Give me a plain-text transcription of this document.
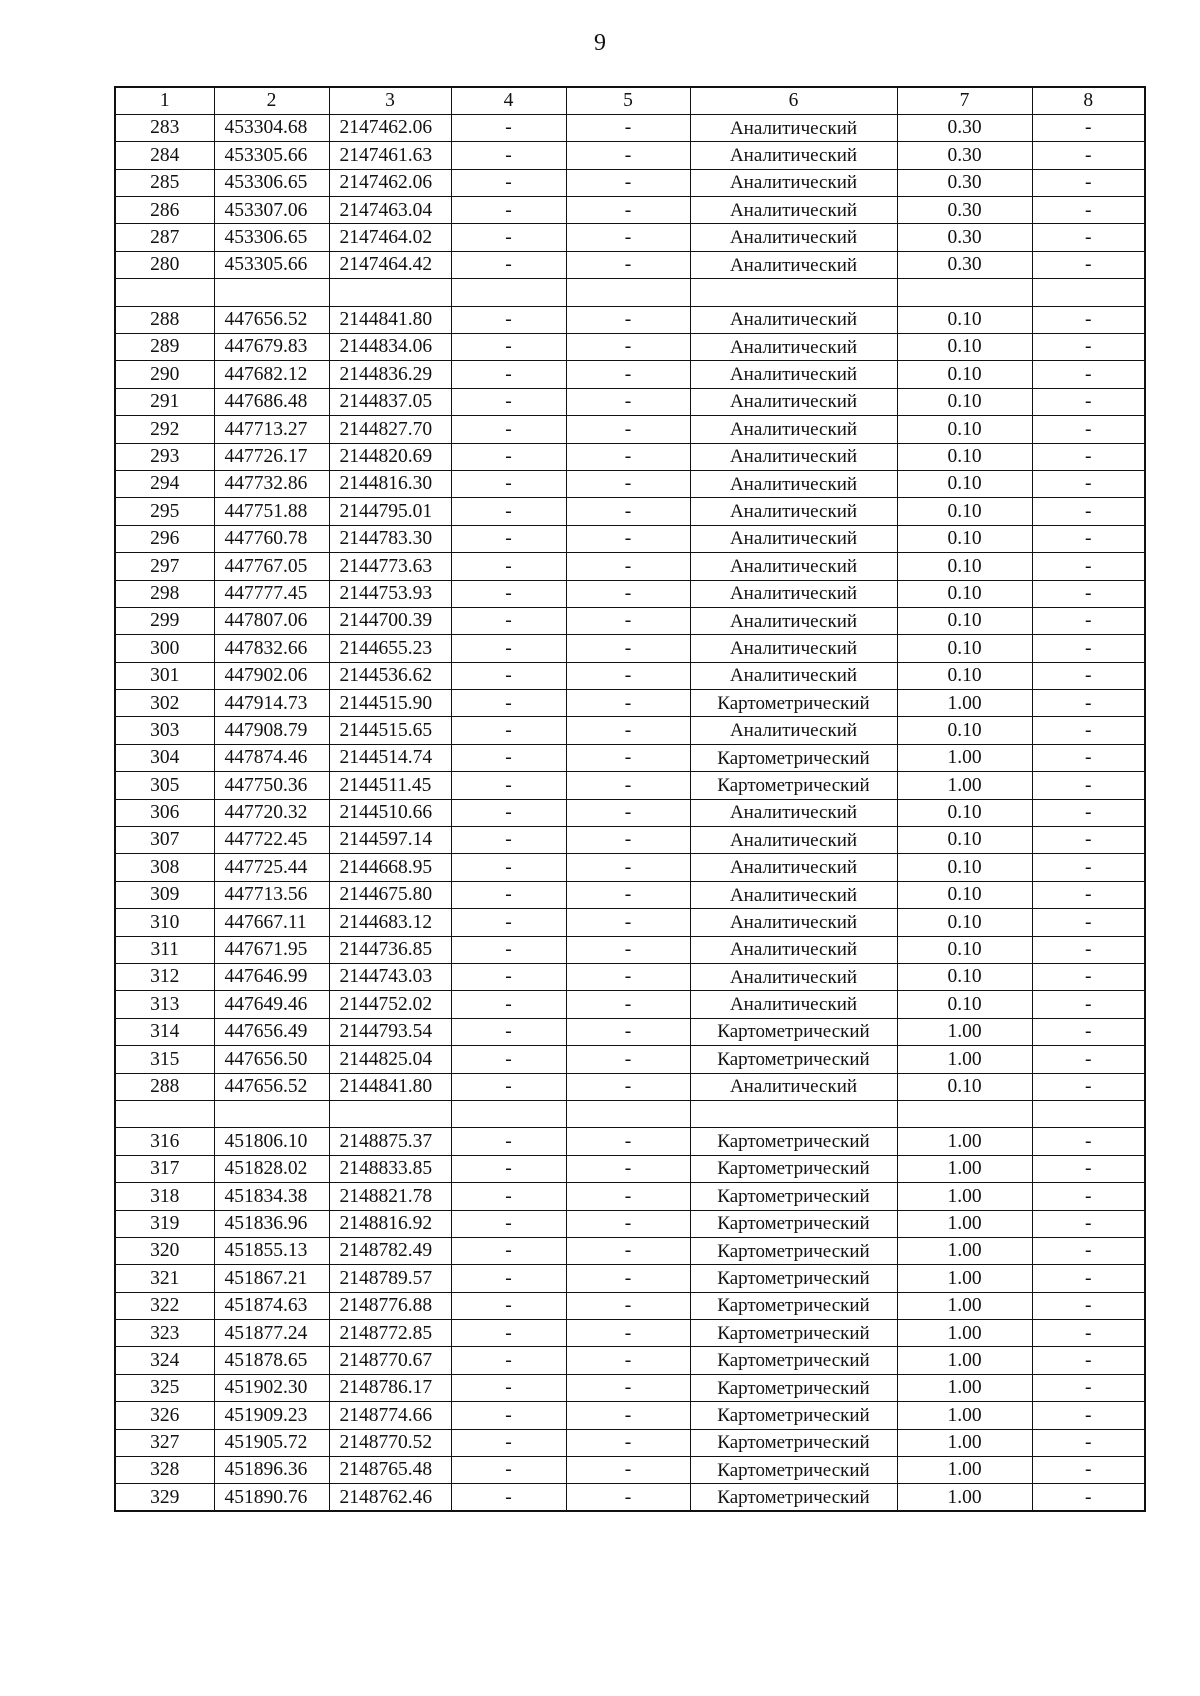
9
1	2	3	4	5	6	7	8
283	453304.68	2147462.06	-	-	Аналитический	0.30	-
284	453305.66	2147461.63	-	-	Аналитический	0.30	-
285	453306.65	2147462.06	-	-	Аналитический	0.30	-
286	453307.06	2147463.04	-	-	Аналитический	0.30	-
287	453306.65	2147464.02	-	-	Аналитический	0.30	-
280	453305.66	2147464.42	-	-	Аналитический	0.30	-

288	447656.52	2144841.80	-	-	Аналитический	0.10	-
289	447679.83	2144834.06	-	-	Аналитический	0.10	-
290	447682.12	2144836.29	-	-	Аналитический	0.10	-
291	447686.48	2144837.05	-	-	Аналитический	0.10	-
292	447713.27	2144827.70	-	-	Аналитический	0.10	-
293	447726.17	2144820.69	-	-	Аналитический	0.10	-
294	447732.86	2144816.30	-	-	Аналитический	0.10	-
295	447751.88	2144795.01	-	-	Аналитический	0.10	-
296	447760.78	2144783.30	-	-	Аналитический	0.10	-
297	447767.05	2144773.63	-	-	Аналитический	0.10	-
298	447777.45	2144753.93	-	-	Аналитический	0.10	-
299	447807.06	2144700.39	-	-	Аналитический	0.10	-
300	447832.66	2144655.23	-	-	Аналитический	0.10	-
301	447902.06	2144536.62	-	-	Аналитический	0.10	-
302	447914.73	2144515.90	-	-	Картометрический	1.00	-
303	447908.79	2144515.65	-	-	Аналитический	0.10	-
304	447874.46	2144514.74	-	-	Картометрический	1.00	-
305	447750.36	2144511.45	-	-	Картометрический	1.00	-
306	447720.32	2144510.66	-	-	Аналитический	0.10	-
307	447722.45	2144597.14	-	-	Аналитический	0.10	-
308	447725.44	2144668.95	-	-	Аналитический	0.10	-
309	447713.56	2144675.80	-	-	Аналитический	0.10	-
310	447667.11	2144683.12	-	-	Аналитический	0.10	-
311	447671.95	2144736.85	-	-	Аналитический	0.10	-
312	447646.99	2144743.03	-	-	Аналитический	0.10	-
313	447649.46	2144752.02	-	-	Аналитический	0.10	-
314	447656.49	2144793.54	-	-	Картометрический	1.00	-
315	447656.50	2144825.04	-	-	Картометрический	1.00	-
288	447656.52	2144841.80	-	-	Аналитический	0.10	-

316	451806.10	2148875.37	-	-	Картометрический	1.00	-
317	451828.02	2148833.85	-	-	Картометрический	1.00	-
318	451834.38	2148821.78	-	-	Картометрический	1.00	-
319	451836.96	2148816.92	-	-	Картометрический	1.00	-
320	451855.13	2148782.49	-	-	Картометрический	1.00	-
321	451867.21	2148789.57	-	-	Картометрический	1.00	-
322	451874.63	2148776.88	-	-	Картометрический	1.00	-
323	451877.24	2148772.85	-	-	Картометрический	1.00	-
324	451878.65	2148770.67	-	-	Картометрический	1.00	-
325	451902.30	2148786.17	-	-	Картометрический	1.00	-
326	451909.23	2148774.66	-	-	Картометрический	1.00	-
327	451905.72	2148770.52	-	-	Картометрический	1.00	-
328	451896.36	2148765.48	-	-	Картометрический	1.00	-
329	451890.76	2148762.46	-	-	Картометрический	1.00	-
